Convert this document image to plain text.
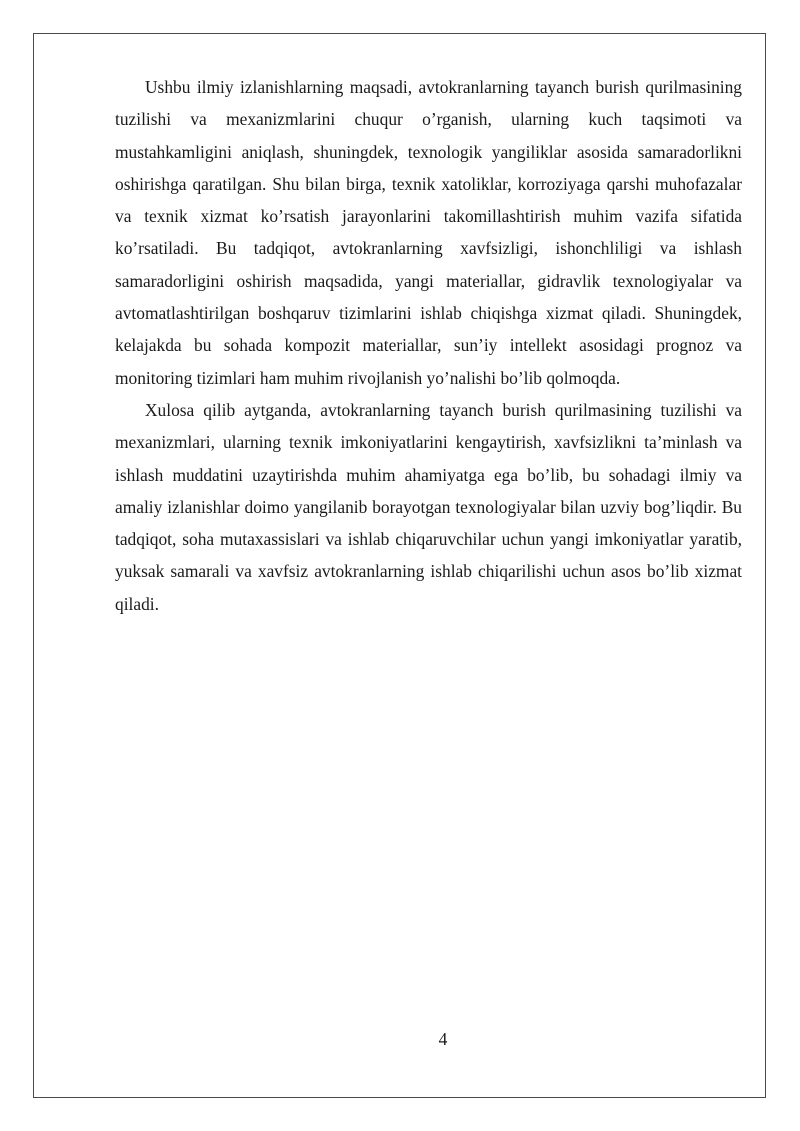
Ushbu ilmiy izlanishlarning maqsadi, avtokranlarning tayanch burish qurilmasining tuzilishi va mexanizmlarini chuqur o’rganish, ularning kuch taqsimoti va mustahkamligini aniqlash, shuningdek, texnologik yangiliklar asosida samaradorlikni oshirishga qaratilgan. Shu bilan birga, texnik xatoliklar, korroziyaga qarshi muhofazalar va texnik xizmat ko’rsatish jarayonlarini takomillashtirish muhim vazifa sifatida ko’rsatiladi. Bu tadqiqot, avtokranlarning xavfsizligi, ishonchliligi va ishlash samaradorligini oshirish maqsadida, yangi materiallar, gidravlik texnologiyalar va avtomatlashtirilgan boshqaruv tizimlarini ishlab chiqishga xizmat qiladi. Shuningdek, kelajakda bu sohada kompozit materiallar, sun’iy intellekt asosidagi prognoz va monitoring tizimlari ham muhim rivojlanish yo’nalishi bo’lib qolmoqda.

Xulosa qilib aytganda, avtokranlarning tayanch burish qurilmasining tuzilishi va mexanizmlari, ularning texnik imkoniyatlarini kengaytirish, xavfsizlikni ta’minlash va ishlash muddatini uzaytirishda muhim ahamiyatga ega bo’lib, bu sohadagi ilmiy va amaliy izlanishlar doimo yangilanib borayotgan texnologiyalar bilan uzviy bog’liqdir. Bu tadqiqot, soha mutaxassislari va ishlab chiqaruvchilar uchun yangi imkoniyatlar yaratib, yuksak samarali va xavfsiz avtokranlarning ishlab chiqarilishi uchun asos bo’lib xizmat qiladi.

4
